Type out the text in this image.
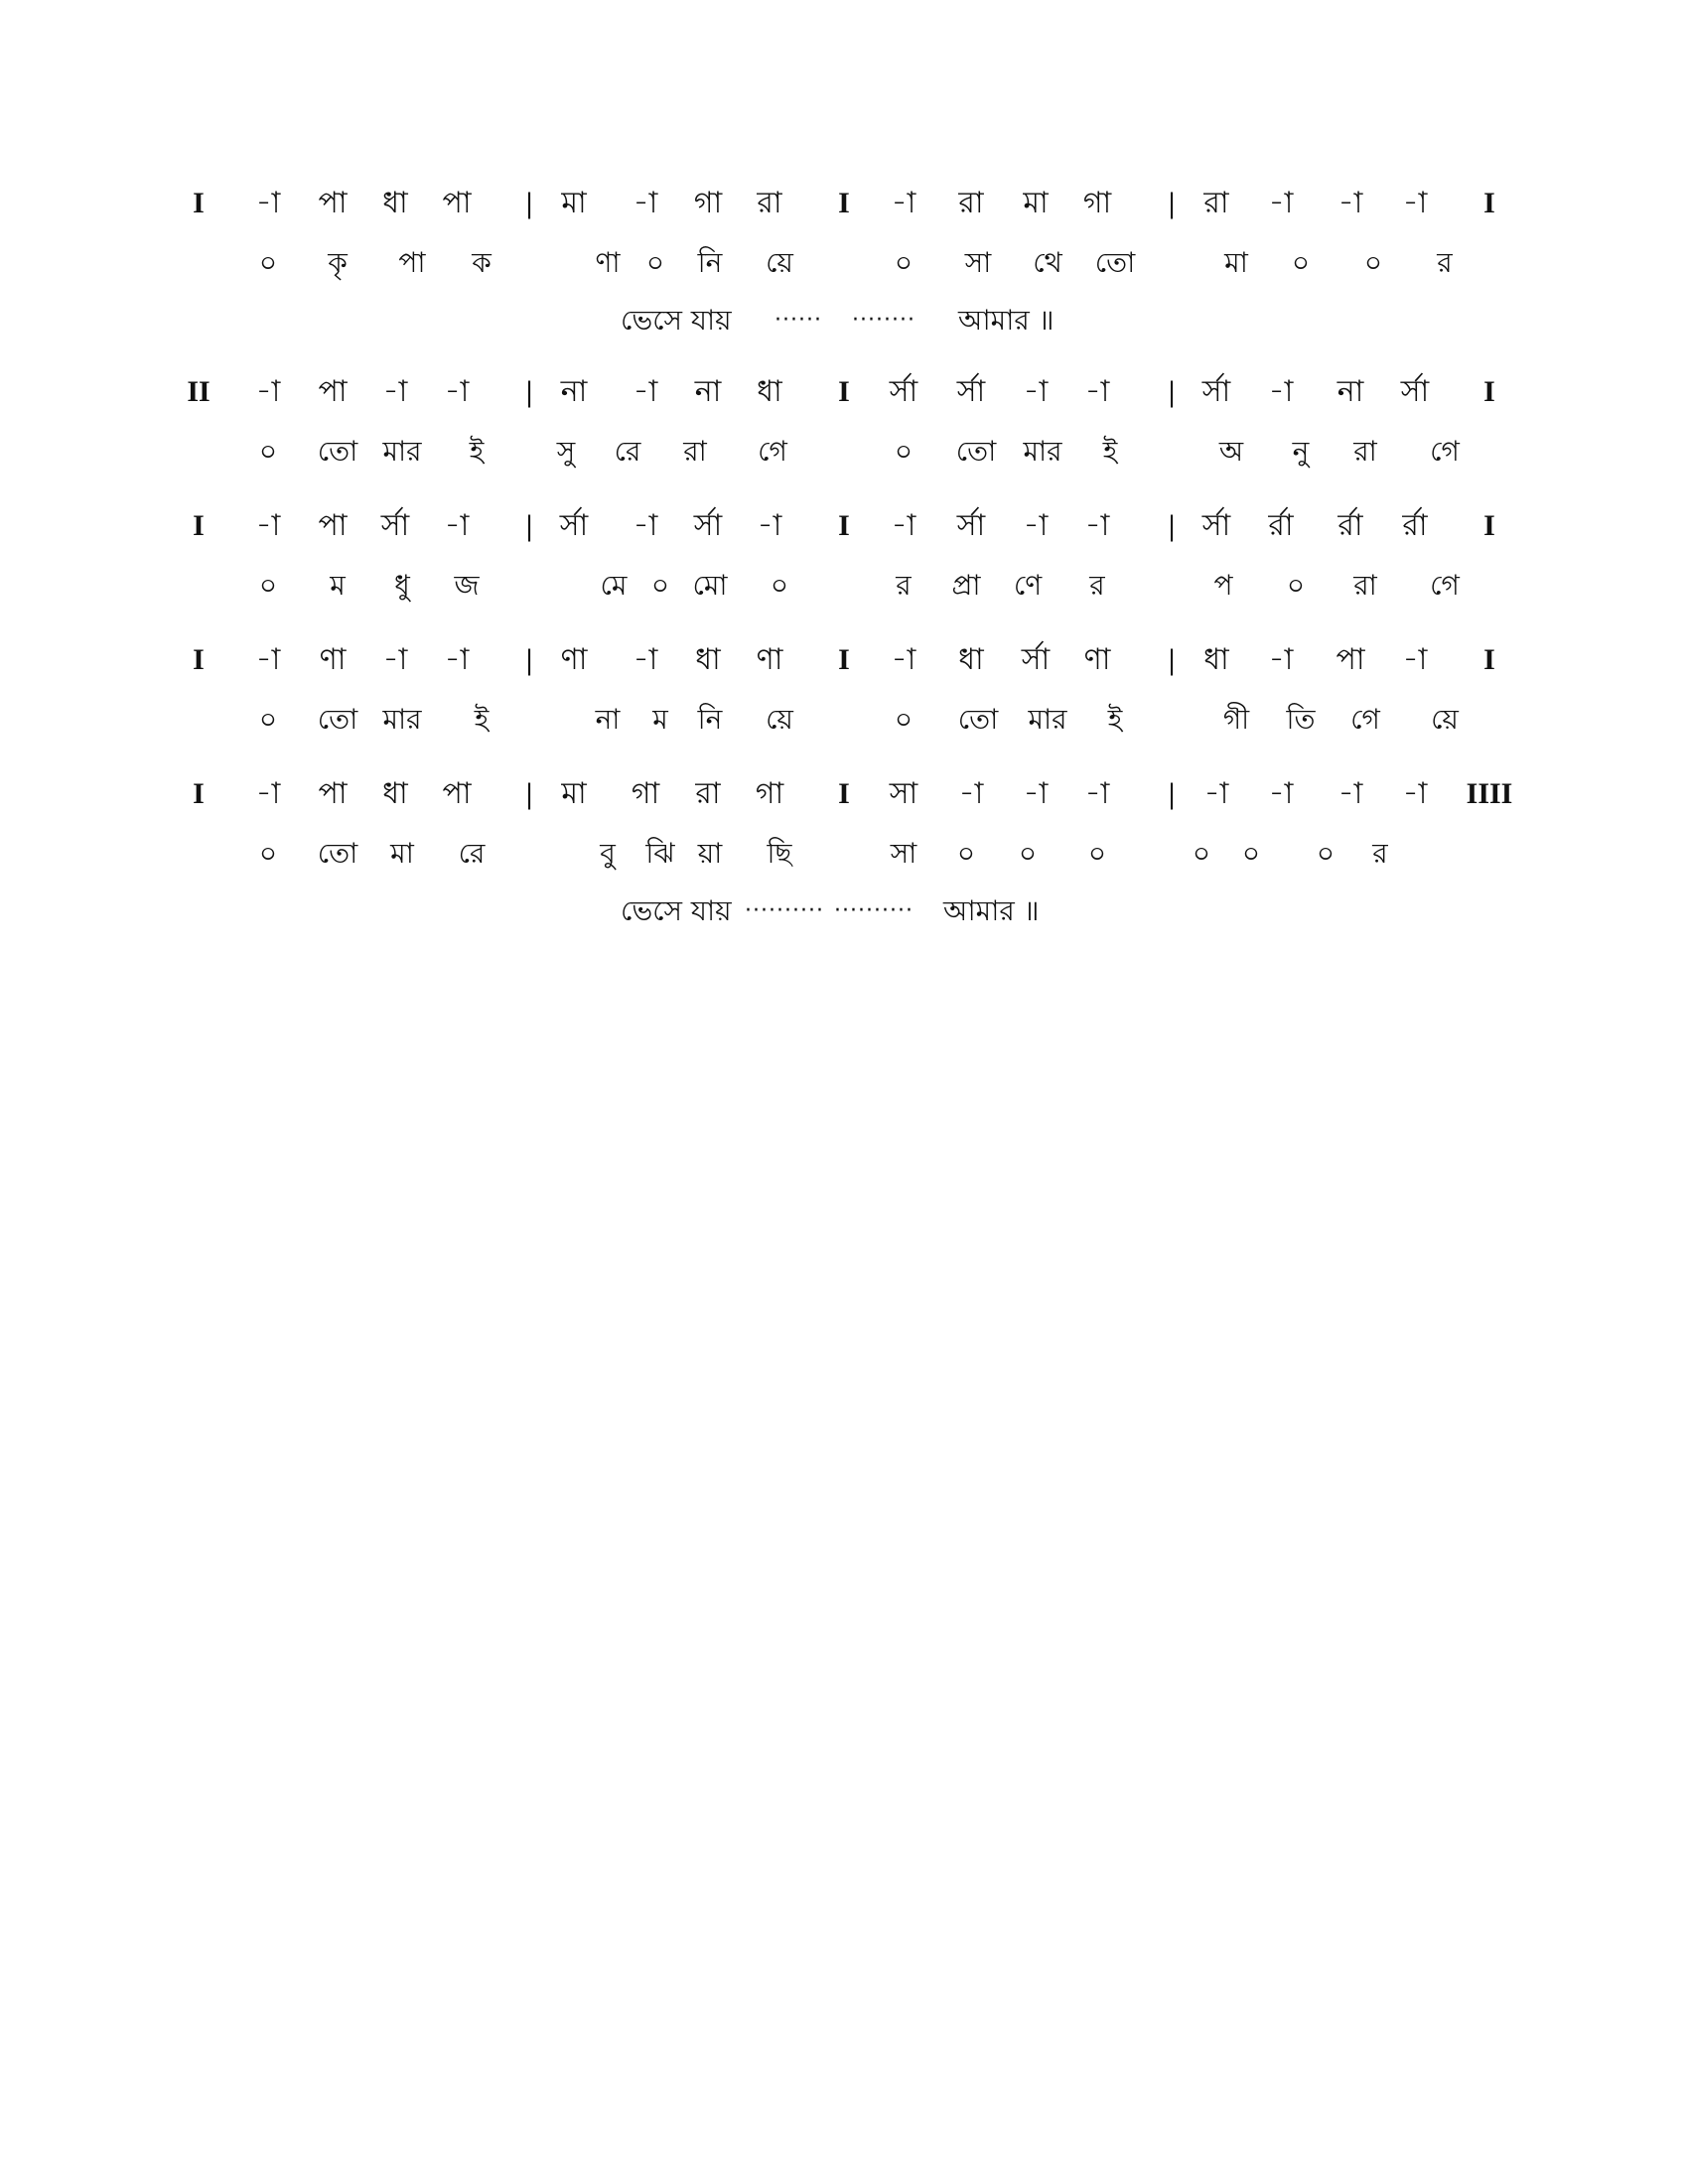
I -া পা ধা পা | মা -া গা রা I -া রা মা গা | রা -া -া -া I
০ কৃ পা ক	ণা ০ নি য়ে	০ সা থে তো	মা ০ ০ র
ভেসে যায় ······ ········ আমার ॥
II -া পা -া -া | না -া না ধা I র্সা র্সা -া -া | র্সা -া না র্সা I
০ তো মার ই	সু রে রা গে	০ তো মার ই	অ নু রা গে
I -া পা র্সা -া | র্সা -া র্সা -া I -া র্সা -া -া | র্সা র্রা র্রা র্রা I
০ ম ধু জ	মে ০ মো ০	র প্রা ণে র	প ০ রা গে
I -া ণা -া -া | ণা -া ধা ণা I -া ধা র্সা ণা | ধা -া পা -া I
০ তো মার ই	না ম নি য়ে	০ তো মার ই	গী তি গে য়ে
I -া পা ধা পা | মা গা রা গা I সা -া -া -া | -া -া -া -া IIII
০ তো মা রে	বু ঝি য়া ছি	সা ০ ০ ০	০ ০ ০ র
ভেসে যায় ·········· ·········· আমার ॥
